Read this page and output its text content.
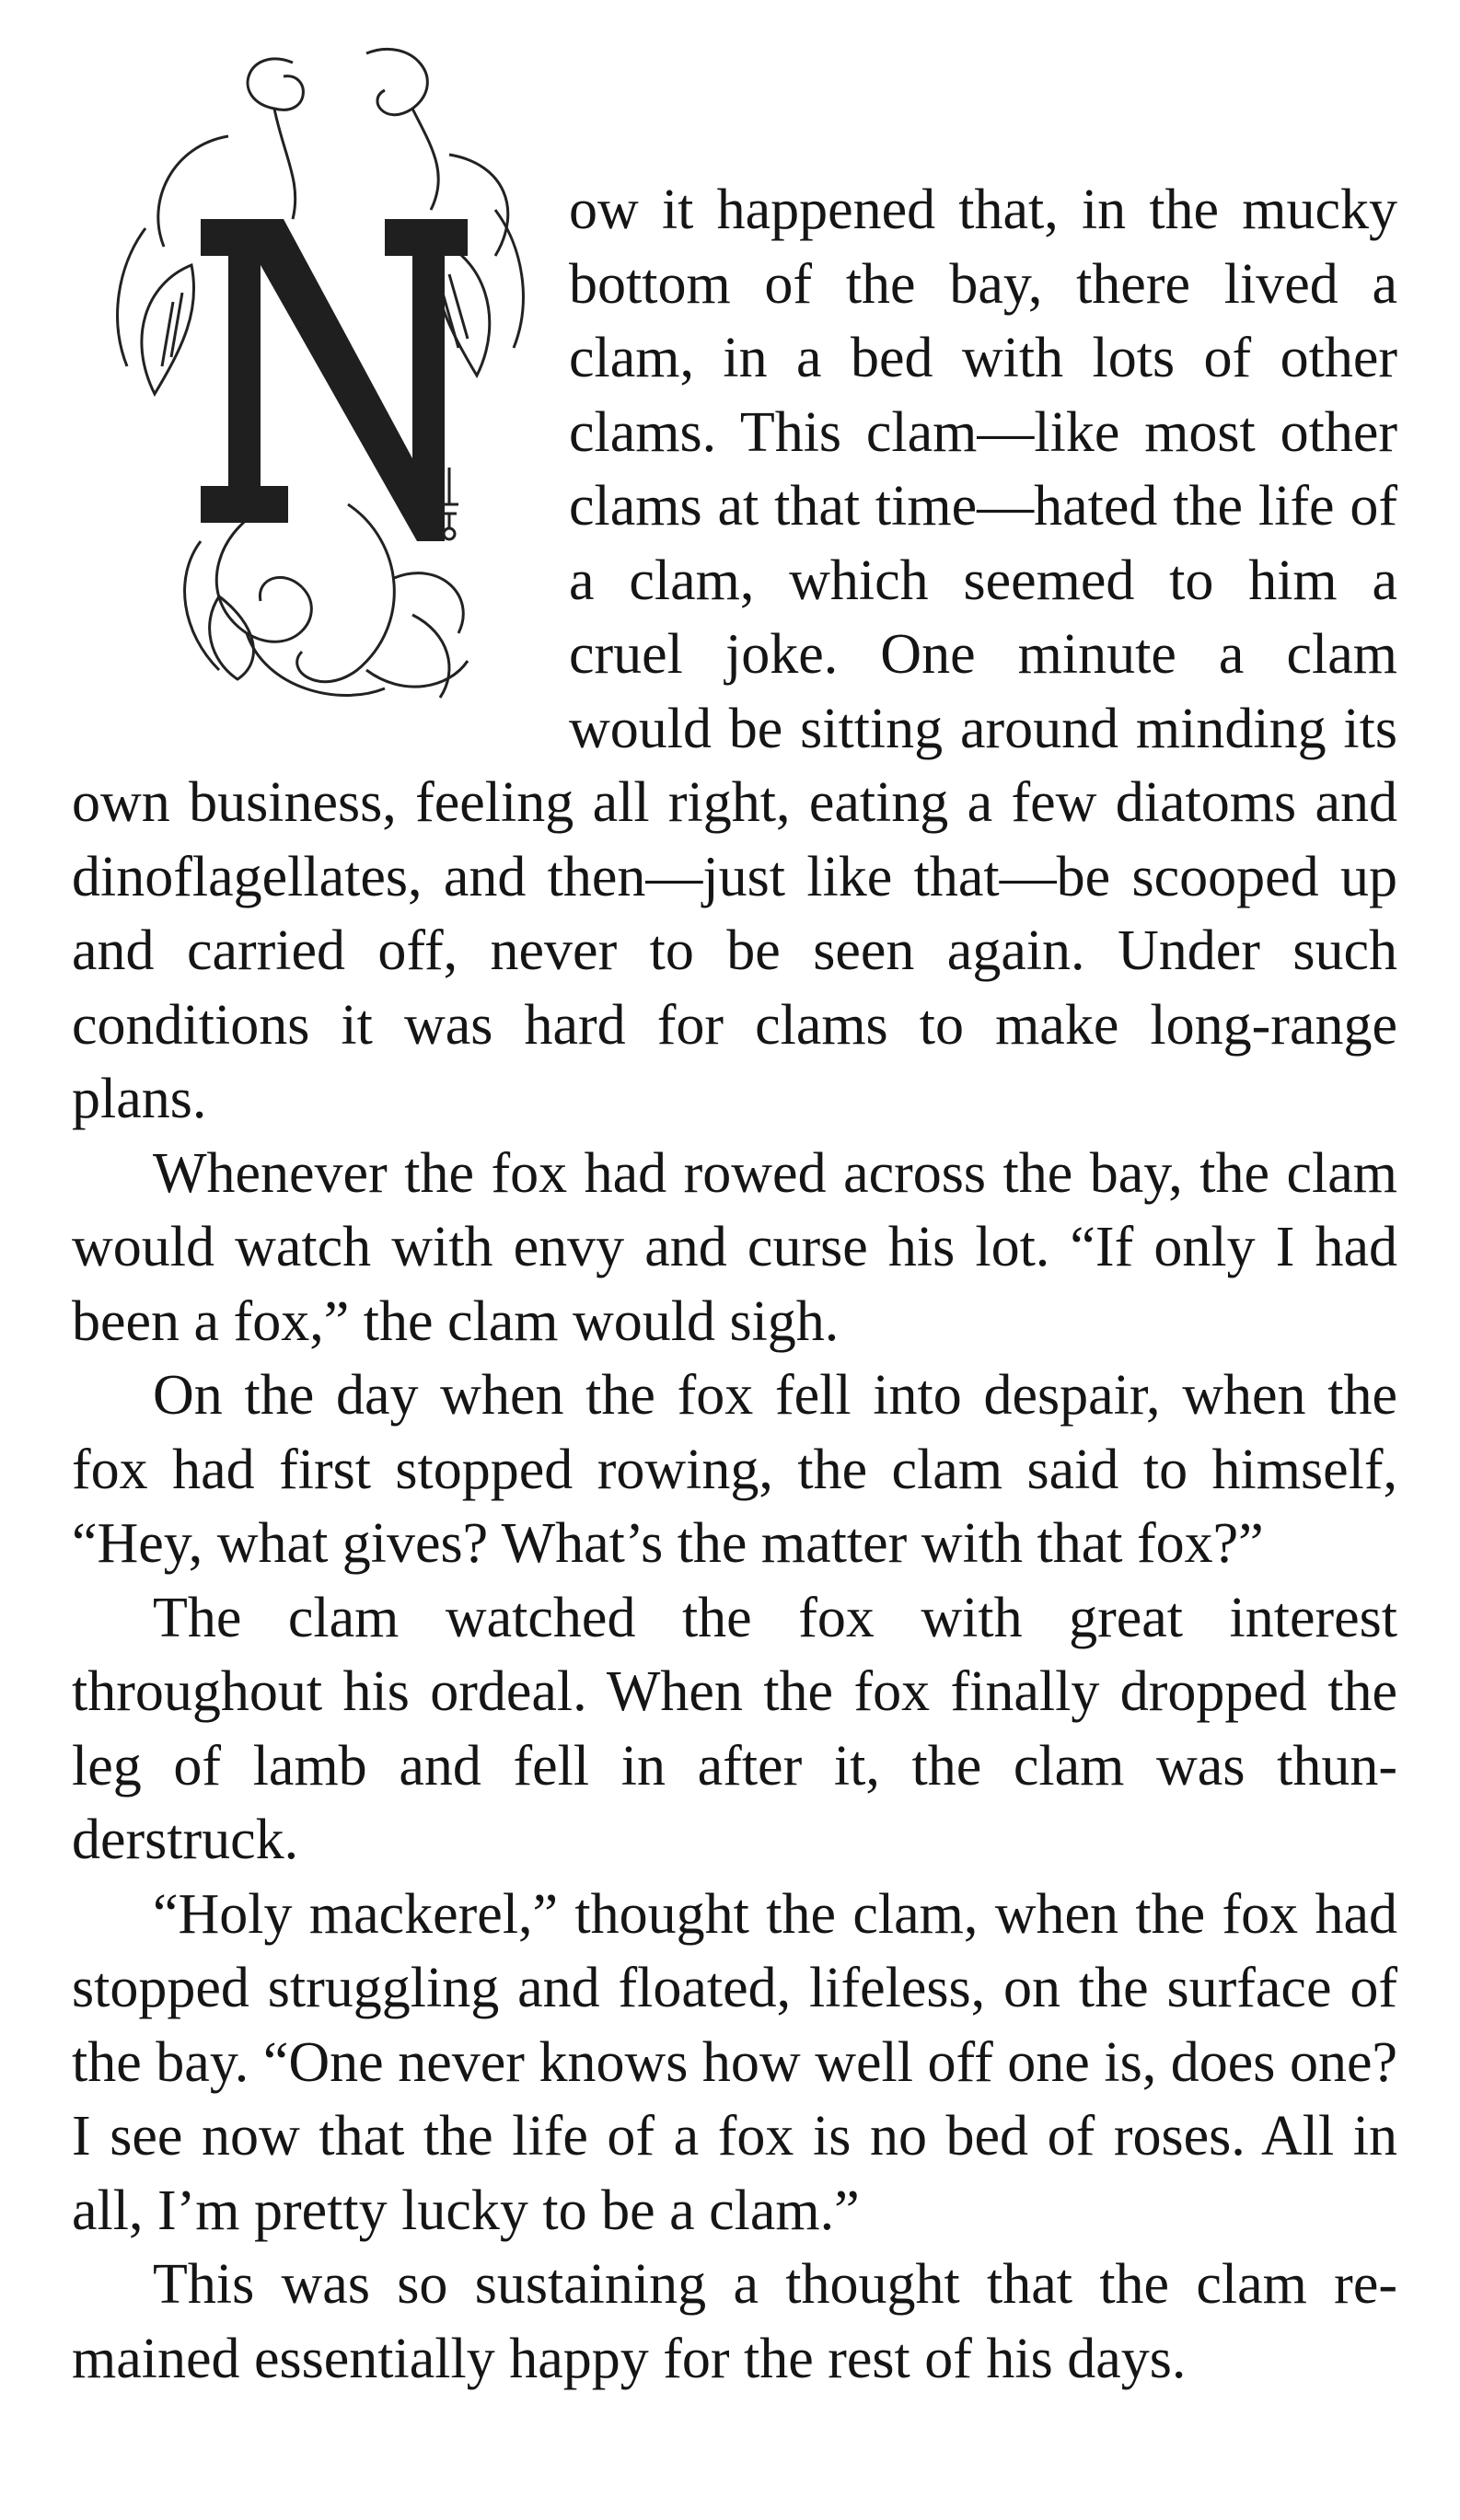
ow it happened that, in the mucky bottom of the bay, there lived a clam, in a bed with lots of other clams. This clam—like most other clams at that time—hated the life of a clam, which seemed to him a cruel joke. One minute a clam would be sitting around minding its own business, feeling all right, eating a few diatoms and dinoflagellates, and then—just like that—be scooped up and carried off, never to be seen again. Under such conditions it was hard for clams to make long-range plans.

Whenever the fox had rowed across the bay, the clam would watch with envy and curse his lot. “If only I had been a fox,” the clam would sigh.

On the day when the fox fell into despair, when the fox had first stopped rowing, the clam said to himself, “Hey, what gives? What’s the matter with that fox?”

The clam watched the fox with great interest throughout his ordeal. When the fox finally dropped the leg of lamb and fell in after it, the clam was thunderstruck.

“Holy mackerel,” thought the clam, when the fox had stopped struggling and floated, lifeless, on the surface of the bay. “One never knows how well off one is, does one? I see now that the life of a fox is no bed of roses. All in all, I’m pretty lucky to be a clam.”

This was so sustaining a thought that the clam remained essentially happy for the rest of his days.
